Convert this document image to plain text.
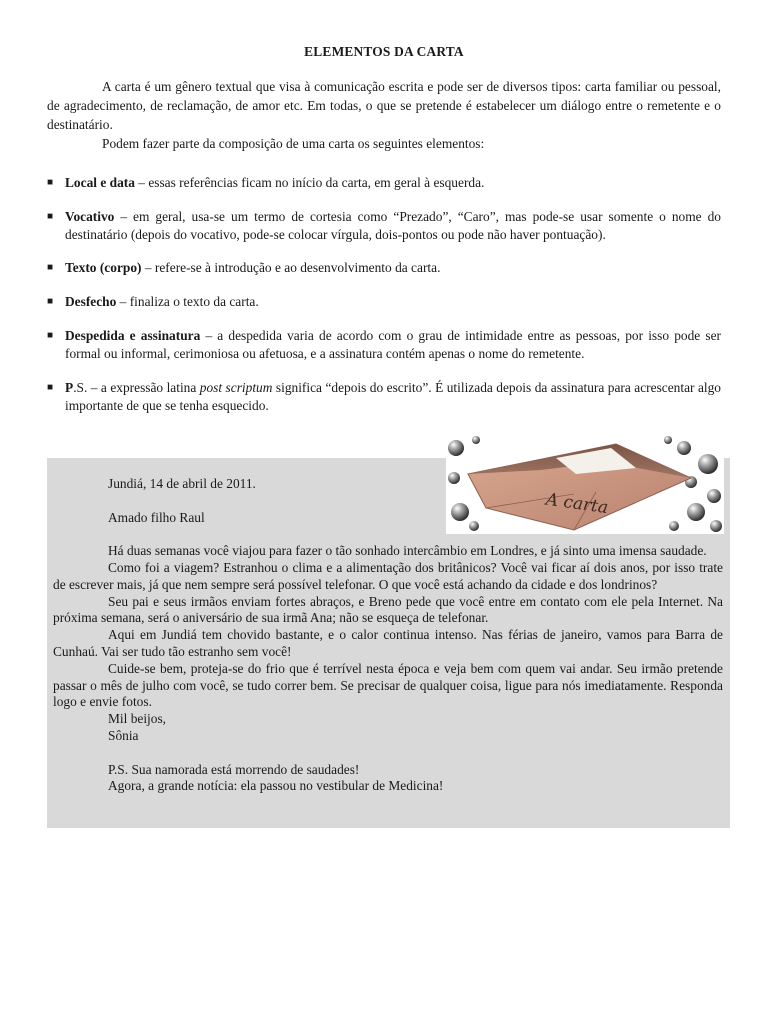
ELEMENTOS DA CARTA

A carta é um gênero textual que visa à comunicação escrita e pode ser de diversos tipos: carta familiar ou pessoal, de agradecimento, de reclamação, de amor etc. Em todas, o que se pretende é estabelecer um diálogo entre o remetente e o destinatário.

Podem fazer parte da composição de uma carta os seguintes elementos:

■ Local e data – essas referências ficam no início da carta, em geral à esquerda.
■ Vocativo – em geral, usa-se um termo de cortesia como “Prezado”, “Caro”, mas pode-se usar somente o nome do destinatário (depois do vocativo, pode-se colocar vírgula, dois-pontos ou pode não haver pontuação).
■ Texto (corpo) – refere-se à introdução e ao desenvolvimento da carta.
■ Desfecho – finaliza o texto da carta.
■ Despedida e assinatura – a despedida varia de acordo com o grau de intimidade entre as pessoas, por isso pode ser formal ou informal, cerimoniosa ou afetuosa, e a assinatura contém apenas o nome do remetente.
■ P.S. – a expressão latina post scriptum significa “depois do escrito”. É utilizada depois da assinatura para acrescentar algo importante de que se tenha esquecido.
A carta

Jundiá, 14 de abril de 2011.

Amado filho Raul

Há duas semanas você viajou para fazer o tão sonhado intercâmbio em Londres, e já sinto uma imensa saudade.

Como foi a viagem? Estranhou o clima e a alimentação dos britânicos? Você vai ficar aí dois anos, por isso trate de escrever mais, já que nem sempre será possível telefonar. O que você está achando da cidade e dos londrinos?

Seu pai e seus irmãos enviam fortes abraços, e Breno pede que você entre em contato com ele pela Internet. Na próxima semana, será o aniversário de sua irmã Ana; não se esqueça de telefonar.

Aqui em Jundiá tem chovido bastante, e o calor continua intenso. Nas férias de janeiro, vamos para Barra de Cunhaú. Vai ser tudo tão estranho sem você!

Cuide-se bem, proteja-se do frio que é terrível nesta época e veja bem com quem vai andar. Seu irmão pretende passar o mês de julho com você, se tudo correr bem. Se precisar de qualquer coisa, ligue para nós imediatamente. Responda logo e envie fotos.

Mil beijos,

Sônia

P.S. Sua namorada está morrendo de saudades!

Agora, a grande notícia: ela passou no vestibular de Medicina!
